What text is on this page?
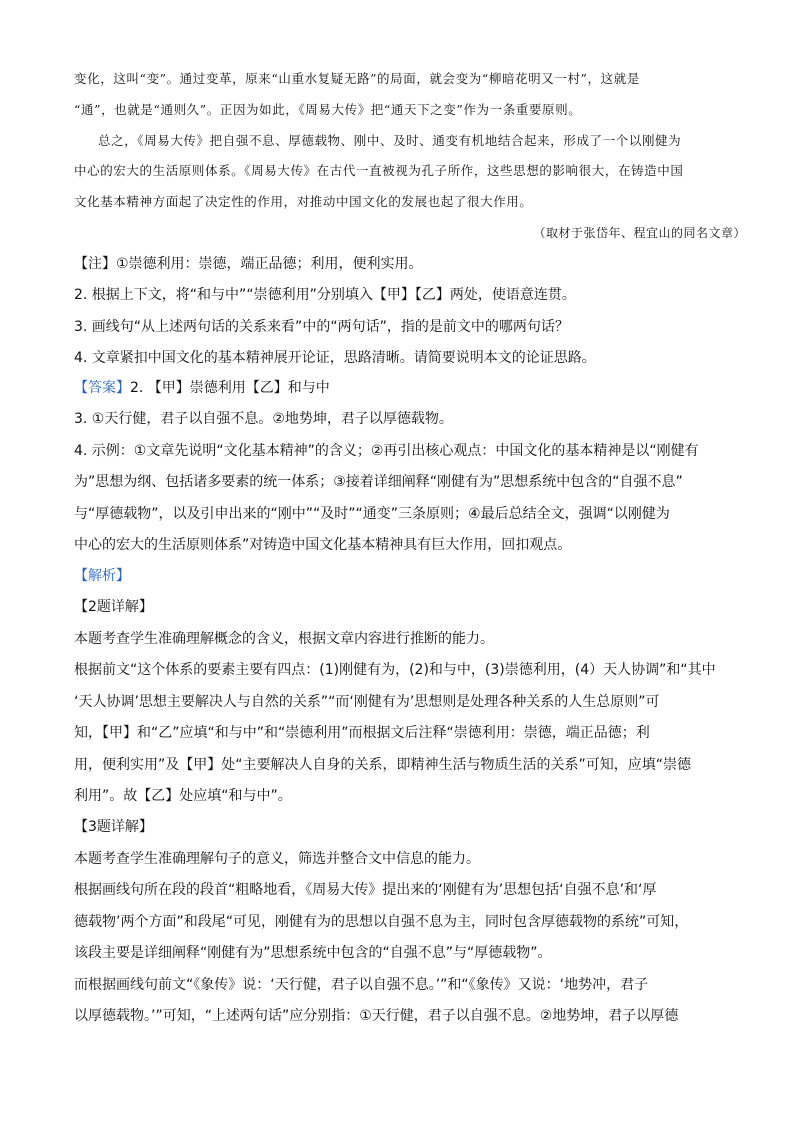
变化，这叫“变”。通过变革，原来“山重水复疑无路”的局面，就会变为“柳暗花明又一村”，这就是
“通”，也就是“通则久”。正因为如此，《周易大传》把“通天下之变”作为一条重要原则。
总之，《周易大传》把自强不息、厚德载物、刚中、及时、通变有机地结合起来，形成了一个以刚健为
中心的宏大的生活原则体系。《周易大传》在古代一直被视为孔子所作，这些思想的影响很大，在铸造中国
文化基本精神方面起了决定性的作用，对推动中国文化的发展也起了很大作用。
（取材于张岱年、程宜山的同名文章）
【注】①崇德利用：崇德，端正品德；利用，便利实用。
2. 根据上下文，将“和与中”“崇德利用”分别填入【甲】【乙】两处，使语意连贯。
3. 画线句“从上述两句话的关系来看”中的“两句话”，指的是前文中的哪两句话？
4. 文章紧扣中国文化的基本精神展开论证，思路清晰。请简要说明本文的论证思路。
【答案】2. 【甲】崇德利用【乙】和与中
3. ①天行健，君子以自强不息。②地势坤，君子以厚德载物。
4. 示例：①文章先说明“文化基本精神”的含义；②再引出核心观点：中国文化的基本精神是以“刚健有
为”思想为纲、包括诸多要素的统一体系；③接着详细阐释“刚健有为”思想系统中包含的“自强不息”
与“厚德载物”，以及引申出来的“刚中”“及时”“通变”三条原则；④最后总结全文，强调“以刚健为
中心的宏大的生活原则体系”对铸造中国文化基本精神具有巨大作用，回扣观点。
【解析】
【2题详解】
本题考查学生准确理解概念的含义，根据文章内容进行推断的能力。
根据前文“这个体系的要素主要有四点：(1)刚健有为，(2)和与中，(3)崇德利用，(4）天人协调”和“其中
‘天人协调’思想主要解决人与自然的关系”“而‘刚健有为’思想则是处理各种关系的人生总原则”可
知，【甲】和“乙”应填“和与中”和“崇德利用”而根据文后注释“崇德利用：崇德，端正品德；利
用，便利实用”及【甲】处“主要解决人自身的关系，即精神生活与物质生活的关系”可知，应填“崇德
利用”。故【乙】处应填“和与中”。
【3题详解】
本题考查学生准确理解句子的意义，筛选并整合文中信息的能力。
根据画线句所在段的段首“粗略地看，《周易大传》提出来的‘刚健有为’思想包括‘自强不息’和‘厚
德载物’两个方面”和段尾“可见，刚健有为的思想以自强不息为主，同时包含厚德载物的系统”可知，
该段主要是详细阐释“刚健有为”思想系统中包含的“自强不息”与“厚德载物”。
而根据画线句前文“《象传》说：‘天行健，君子以自强不息。’”和“《象传》又说：‘地势冲，君子
以厚德载物。’”可知，“上述两句话”应分别指：①天行健，君子以自强不息。②地势坤，君子以厚德
